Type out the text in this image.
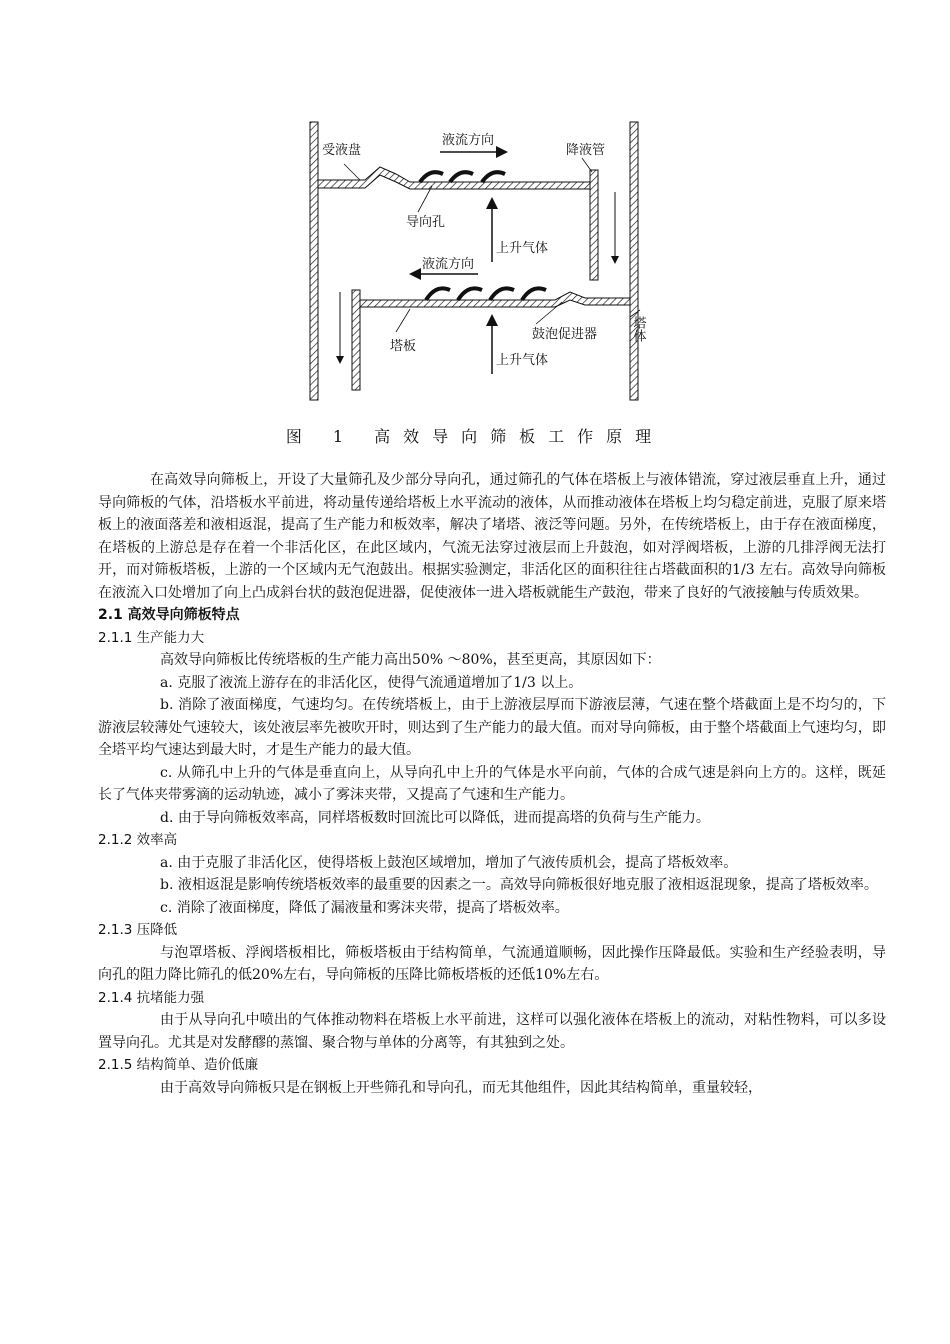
受液盘
液流方向
降液管
导向孔
上升气体
液流方向
塔板
鼓泡促进器
上升气体
塔体
图 1 高效导向筛板工作原理

在高效导向筛板上，开设了大量筛孔及少部分导向孔，通过筛孔的气体在塔板上与液体错流，穿过液层垂直上升，通过导向筛板的气体，沿塔板水平前进，将动量传递给塔板上水平流动的液体，从而推动液体在塔板上均匀稳定前进，克服了原来塔板上的液面落差和液相返混，提高了生产能力和板效率，解决了堵塔、液泛等问题。另外，在传统塔板上，由于存在液面梯度，在塔板的上游总是存在着一个非活化区，在此区域内，气流无法穿过液层而上升鼓泡，如对浮阀塔板，上游的几排浮阀无法打开，而对筛板塔板，上游的一个区域内无气泡鼓出。根据实验测定，非活化区的面积往往占塔截面积的1/3 左右。高效导向筛板在液流入口处增加了向上凸成斜台状的鼓泡促进器，促使液体一进入塔板就能生产鼓泡，带来了良好的气液接触与传质效果。

2.1 高效导向筛板特点

2.1.1 生产能力大

高效导向筛板比传统塔板的生产能力高出50% ～80%，甚至更高，其原因如下：

a. 克服了液流上游存在的非活化区，使得气流通道增加了1/3 以上。

b. 消除了液面梯度，气速均匀。在传统塔板上，由于上游液层厚而下游液层薄，气速在整个塔截面上是不均匀的，下游液层较薄处气速较大，该处液层率先被吹开时，则达到了生产能力的最大值。而对导向筛板，由于整个塔截面上气速均匀，即全塔平均气速达到最大时，才是生产能力的最大值。

c. 从筛孔中上升的气体是垂直向上，从导向孔中上升的气体是水平向前，气体的合成气速是斜向上方的。这样，既延长了气体夹带雾滴的运动轨迹，减小了雾沫夹带，又提高了气速和生产能力。

d. 由于导向筛板效率高，同样塔板数时回流比可以降低，进而提高塔的负荷与生产能力。

2.1.2 效率高

a. 由于克服了非活化区，使得塔板上鼓泡区域增加，增加了气液传质机会，提高了塔板效率。

b. 液相返混是影响传统塔板效率的最重要的因素之一。高效导向筛板很好地克服了液相返混现象，提高了塔板效率。

c. 消除了液面梯度，降低了漏液量和雾沫夹带，提高了塔板效率。

2.1.3 压降低

与泡罩塔板、浮阀塔板相比，筛板塔板由于结构简单，气流通道顺畅，因此操作压降最低。实验和生产经验表明，导向孔的阻力降比筛孔的低20%左右，导向筛板的压降比筛板塔板的还低10%左右。

2.1.4 抗堵能力强

由于从导向孔中喷出的气体推动物料在塔板上水平前进，这样可以强化液体在塔板上的流动，对粘性物料，可以多设置导向孔。尤其是对发酵醪的蒸馏、聚合物与单体的分离等，有其独到之处。

2.1.5 结构简单、造价低廉

由于高效导向筛板只是在钢板上开些筛孔和导向孔，而无其他组件，因此其结构简单，重量较轻，
